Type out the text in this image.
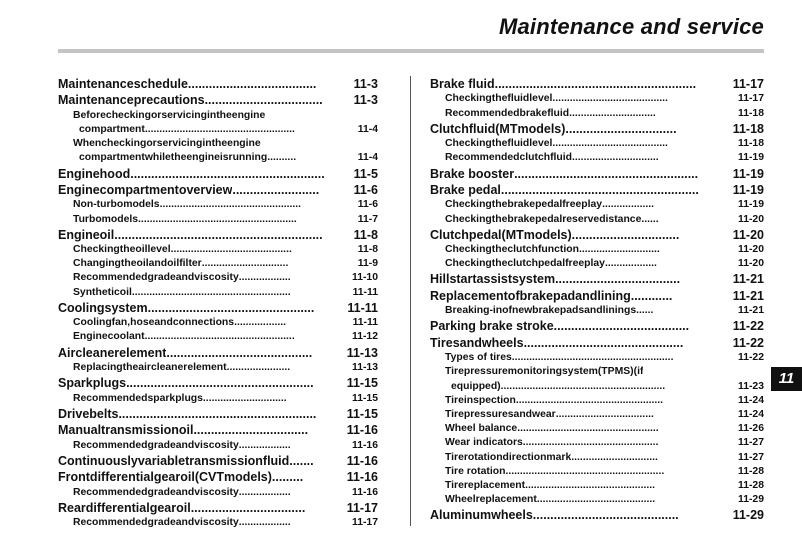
Maintenance and service
Maintenanceschedule .....................................	11-3
Maintenanceprecautions ..................................	11-3
Beforecheckingorservicingintheengine
compartment ....................................................	11-4
Whencheckingorservicingintheengine
compartmentwhiletheengineisrunning ..........	11-4
Enginehood ........................................................	11-5
Enginecompartmentoverview .........................	11-6
Non-turbomodels .................................................	11-6
Turbomodels .......................................................	11-7
Engineoil ............................................................	11-8
Checkingtheoillevel ..........................................	11-8
Changingtheoilandoilfilter ..............................	11-9
Recommendedgradeandviscosity ..................	11-10
Syntheticoil .......................................................	11-11
Coolingsystem ................................................	11-11
Coolingfan,hoseandconnections ..................	11-11
Enginecoolant ....................................................	11-12
Aircleanerelement ..........................................	11-13
Replacingtheaircleanerelement ......................	11-13
Sparkplugs ......................................................	11-15
Recommendedsparkplugs .............................	11-15
Drivebelts .........................................................	11-15
Manualtransmissionoil .................................	11-16
Recommendedgradeandviscosity ..................	11-16
Continuouslyvariabletransmissionfluid .......	11-16
Frontdifferentialgearoil(CVTmodels) .........	11-16
Recommendedgradeandviscosity ..................	11-16
Reardifferentialgearoil .................................	11-17
Recommendedgradeandviscosity ..................	11-17
Brake fluid ..........................................................	11-17
Checkingthefluidlevel ........................................	11-17
Recommendedbrakefluid ..............................	11-18
Clutchfluid(MTmodels) ................................	11-18
Checkingthefluidlevel ........................................	11-18
Recommendedclutchfluid ..............................	11-19
Brake booster .....................................................	11-19
Brake pedal .........................................................	11-19
Checkingthebrakepedalfreeplay ..................	11-19
Checkingthebrakepedalreservedistance ......	11-20
Clutchpedal(MTmodels) ...............................	11-20
Checkingtheclutchfunction ............................	11-20
Checkingtheclutchpedalfreeplay ..................	11-20
Hillstartassistsystem ....................................	11-21
Replacementofbrakepadandlining ............	11-21
Breaking-inofnewbrakepadsandlinings ......	11-21
Parking brake stroke .......................................	11-22
Tiresandwheels ..............................................	11-22
Types of tires ........................................................	11-22
Tirepressuremonitoringsystem(TPMS)(if
equipped) .........................................................	11-23
Tireinspection ...................................................	11-24
Tirepressuresandwear ..................................	11-24
Wheel balance .................................................	11-26
Wear indicators ...............................................	11-27
Tirerotationdirectionmark ..............................	11-27
Tire rotation .......................................................	11-28
Tirereplacement .............................................	11-28
Wheelreplacement .........................................	11-29
Aluminumwheels ..........................................	11-29
11
